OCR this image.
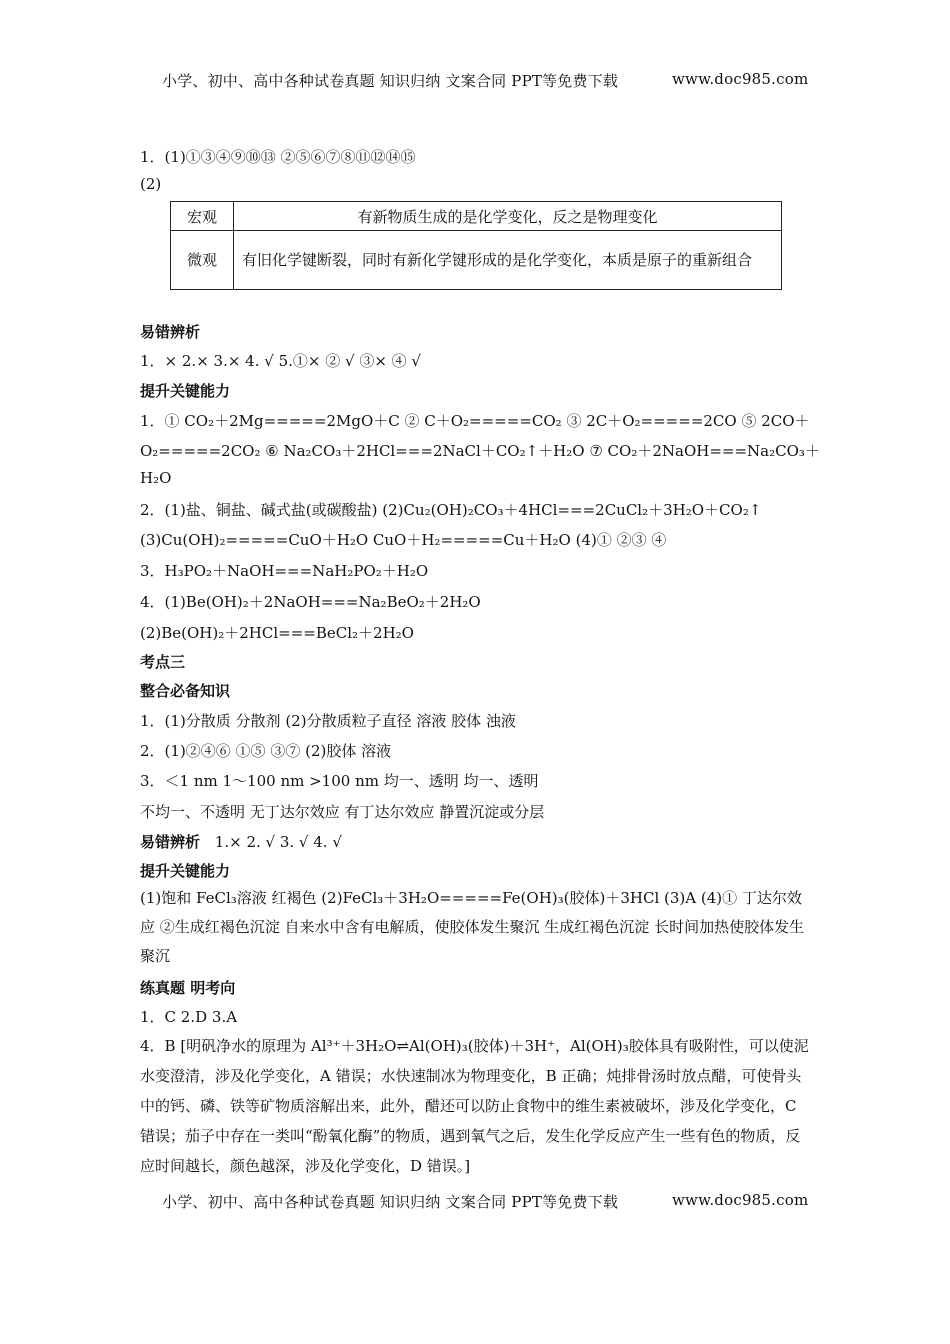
小学、初中、高中各种试卷真题 知识归纳 文案合同 PPT等免费下载	www.doc985.com
1．(1)①③④⑨⑩⑬ ②⑤⑥⑦⑧⑪⑫⑭⑮
(2)
宏观	有新物质生成的是化学变化，反之是物理变化
微观	有旧化学键断裂，同时有新化学键形成的是化学变化，本质是原子的重新组合
易错辨析
1．× 2.× 3.× 4. √ 5.①× ② √ ③× ④ √
提升关键能力
1．① CO₂＋2Mg=====2MgO＋C ② C＋O₂=====CO₂ ③ 2C＋O₂=====2CO ⑤ 2CO＋
O₂=====2CO₂ ⑥ Na₂CO₃＋2HCl===2NaCl＋CO₂↑＋H₂O ⑦ CO₂＋2NaOH===Na₂CO₃＋
H₂O
2．(1)盐、铜盐、碱式盐(或碳酸盐) (2)Cu₂(OH)₂CO₃＋4HCl===2CuCl₂＋3H₂O＋CO₂↑
(3)Cu(OH)₂=====CuO＋H₂O CuO＋H₂=====Cu＋H₂O (4)① ②③ ④
3．H₃PO₂＋NaOH===NaH₂PO₂＋H₂O
4．(1)Be(OH)₂＋2NaOH===Na₂BeO₂＋2H₂O
(2)Be(OH)₂＋2HCl===BeCl₂＋2H₂O
考点三
整合必备知识
1．(1)分散质 分散剂 (2)分散质粒子直径 溶液 胶体 浊液
2．(1)②④⑥ ①⑤ ③⑦ (2)胶体 溶液
3．＜1 nm 1～100 nm >100 nm 均一、透明 均一、透明
不均一、不透明 无丁达尔效应 有丁达尔效应 静置沉淀或分层
易错辨析 1.× 2. √ 3. √ 4. √
提升关键能力
(1)饱和 FeCl₃溶液 红褐色 (2)FeCl₃＋3H₂O=====Fe(OH)₃(胶体)＋3HCl (3)A (4)① 丁达尔效应 ②生成红褐色沉淀 自来水中含有电解质，使胶体发生聚沉 生成红褐色沉淀 长时间加热使胶体发生聚沉
练真题 明考向
1．C 2.D 3.A
4．B [明矾净水的原理为 Al³⁺＋3H₂O⇌Al(OH)₃(胶体)＋3H⁺，Al(OH)₃胶体具有吸附性，可以使泥水变澄清，涉及化学变化，A 错误；水快速制冰为物理变化，B 正确；炖排骨汤时放点醋，可使骨头中的钙、磷、铁等矿物质溶解出来，此外，醋还可以防止食物中的维生素被破坏，涉及化学变化，C 错误；茄子中存在一类叫“酚氧化酶”的物质，遇到氧气之后，发生化学反应产生一些有色的物质，反应时间越长，颜色越深，涉及化学变化，D 错误。]
小学、初中、高中各种试卷真题 知识归纳 文案合同 PPT等免费下载	www.doc985.com
